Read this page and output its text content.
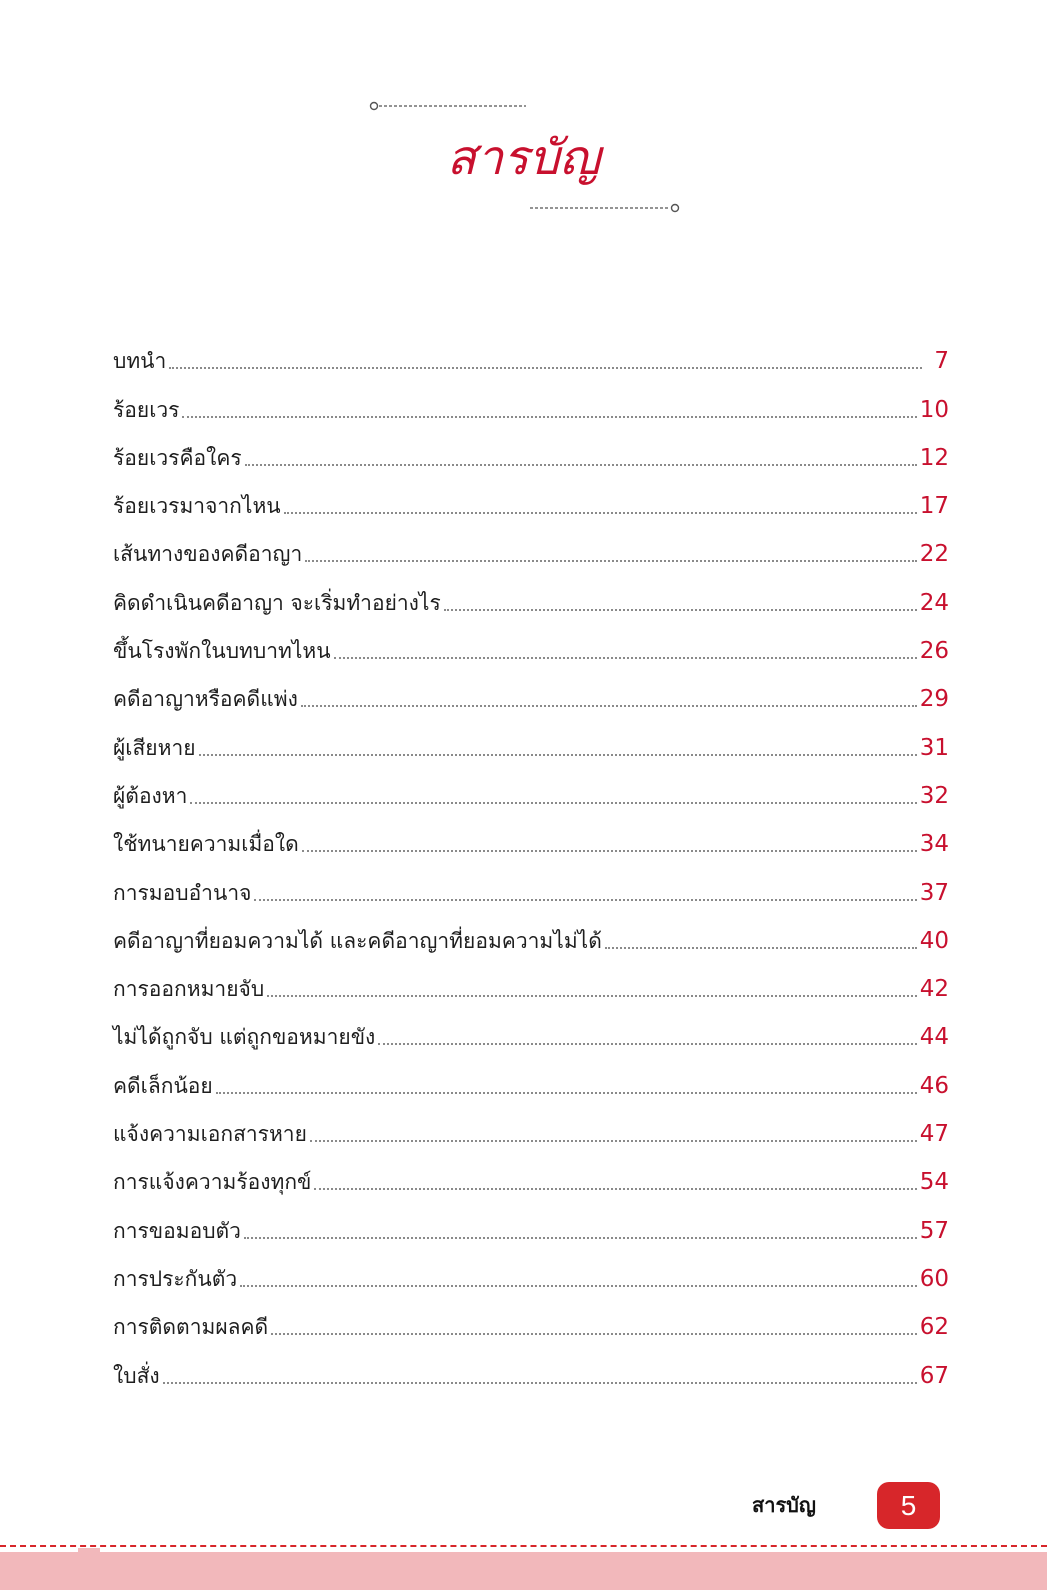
สารบัญ
บทนำ	7
ร้อยเวร	10
ร้อยเวรคือใคร	12
ร้อยเวรมาจากไหน	17
เส้นทางของคดีอาญา	22
คิดดำเนินคดีอาญา จะเริ่มทำอย่างไร	24
ขึ้นโรงพักในบทบาทไหน	26
คดีอาญาหรือคดีแพ่ง	29
ผู้เสียหาย	31
ผู้ต้องหา	32
ใช้ทนายความเมื่อใด	34
การมอบอำนาจ	37
คดีอาญาที่ยอมความได้ และคดีอาญาที่ยอมความไม่ได้	40
การออกหมายจับ	42
ไม่ได้ถูกจับ แต่ถูกขอหมายขัง	44
คดีเล็กน้อย	46
แจ้งความเอกสารหาย	47
การแจ้งความร้องทุกข์	54
การขอมอบตัว	57
การประกันตัว	60
การติดตามผลคดี	62
ใบสั่ง	67
สารบัญ	5
